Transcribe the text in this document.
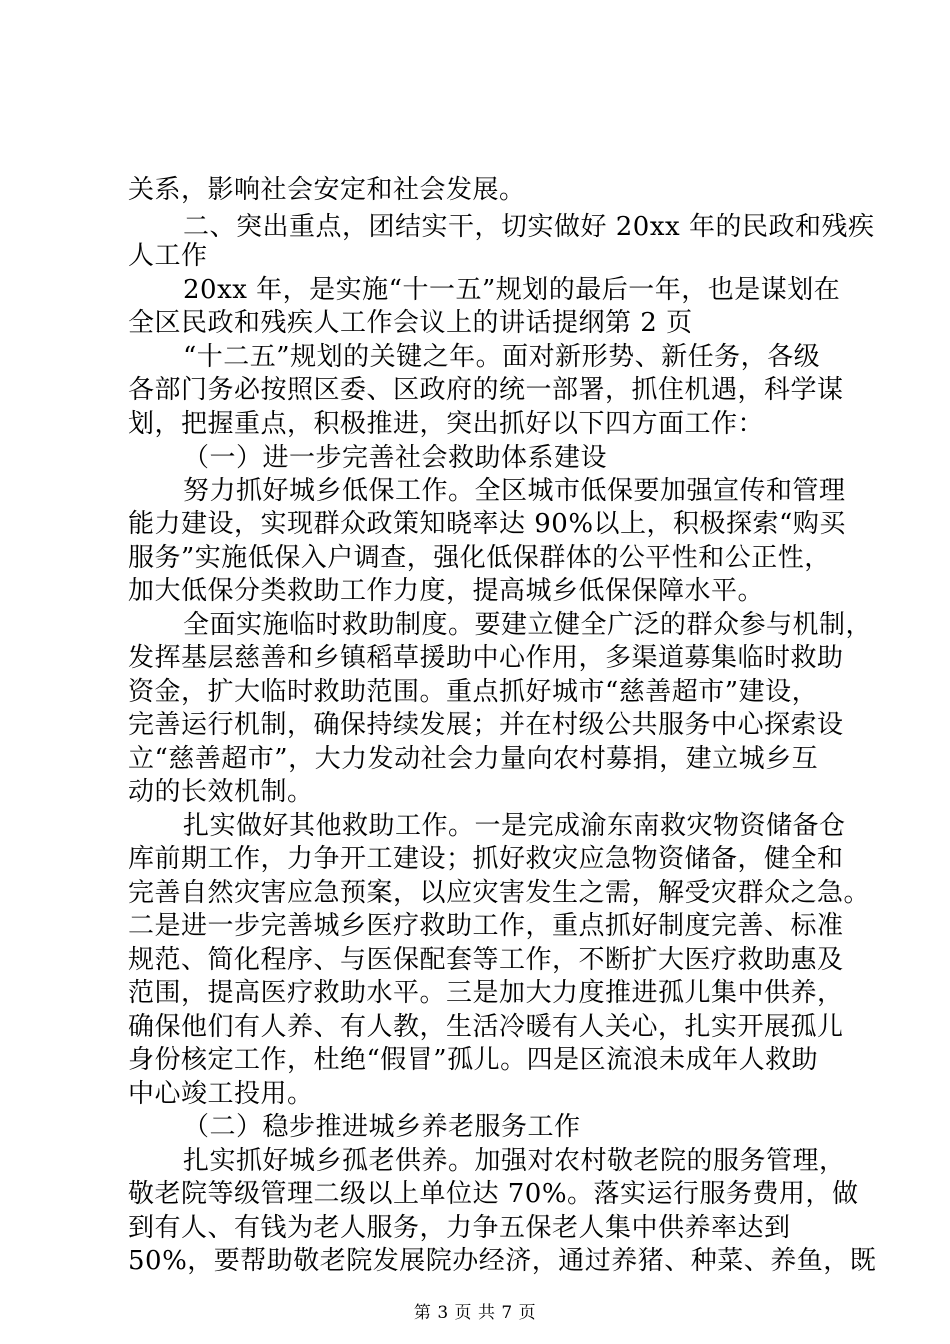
关系，影响社会安定和社会发展。
二、突出重点，团结实干，切实做好 20xx 年的民政和残疾
人工作
20xx 年，是实施“十一五”规划的最后一年，也是谋划在
全区民政和残疾人工作会议上的讲话提纲第 2 页
“十二五”规划的关键之年。面对新形势、新任务，各级
各部门务必按照区委、区政府的统一部署，抓住机遇，科学谋
划，把握重点，积极推进，突出抓好以下四方面工作：
（一）进一步完善社会救助体系建设
努力抓好城乡低保工作。全区城市低保要加强宣传和管理
能力建设，实现群众政策知晓率达 90%以上，积极探索“购买
服务”实施低保入户调查，强化低保群体的公平性和公正性，
加大低保分类救助工作力度，提高城乡低保保障水平。
全面实施临时救助制度。要建立健全广泛的群众参与机制，
发挥基层慈善和乡镇稻草援助中心作用，多渠道募集临时救助
资金，扩大临时救助范围。重点抓好城市“慈善超市”建设，
完善运行机制，确保持续发展；并在村级公共服务中心探索设
立“慈善超市”，大力发动社会力量向农村募捐，建立城乡互
动的长效机制。
扎实做好其他救助工作。一是完成渝东南救灾物资储备仓
库前期工作，力争开工建设；抓好救灾应急物资储备，健全和
完善自然灾害应急预案，以应灾害发生之需，解受灾群众之急。
二是进一步完善城乡医疗救助工作，重点抓好制度完善、标准
规范、简化程序、与医保配套等工作，不断扩大医疗救助惠及
范围，提高医疗救助水平。三是加大力度推进孤儿集中供养，
确保他们有人养、有人教，生活冷暖有人关心，扎实开展孤儿
身份核定工作，杜绝“假冒”孤儿。四是区流浪未成年人救助
中心竣工投用。
（二）稳步推进城乡养老服务工作
扎实抓好城乡孤老供养。加强对农村敬老院的服务管理，
敬老院等级管理二级以上单位达 70%。落实运行服务费用，做
到有人、有钱为老人服务，力争五保老人集中供养率达到
50%，要帮助敬老院发展院办经济，通过养猪、种菜、养鱼，既
第 3 页 共 7 页
